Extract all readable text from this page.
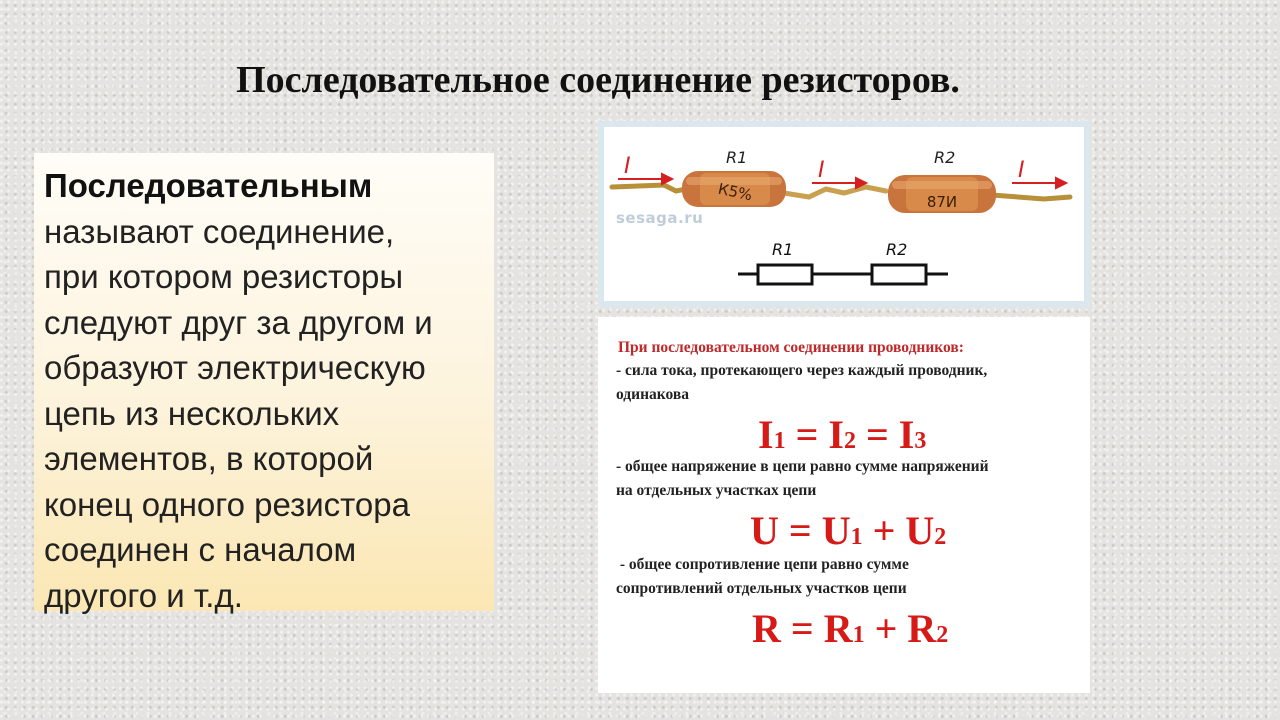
Последовательное соединение резисторов.

Последовательным
называют соединение,
при котором резисторы
следуют друг за другом и
образуют электрическую
цепь из нескольких
элементов, в которой
конец одного резистора
соединен с началом
другого и т.д.

К5%	87И
sesaga.ru
I	I	I
R1	R2
R1	R2
При последовательном соединении проводников:
- сила тока, протекающего через каждый проводник,
одинакова
I1 = I2 = I3
- общее напряжение в цепи равно сумме напряжений
на отдельных участках цепи
U = U1 + U2
- общее сопротивление цепи равно сумме
сопротивлений отдельных участков цепи
R = R1 + R2
